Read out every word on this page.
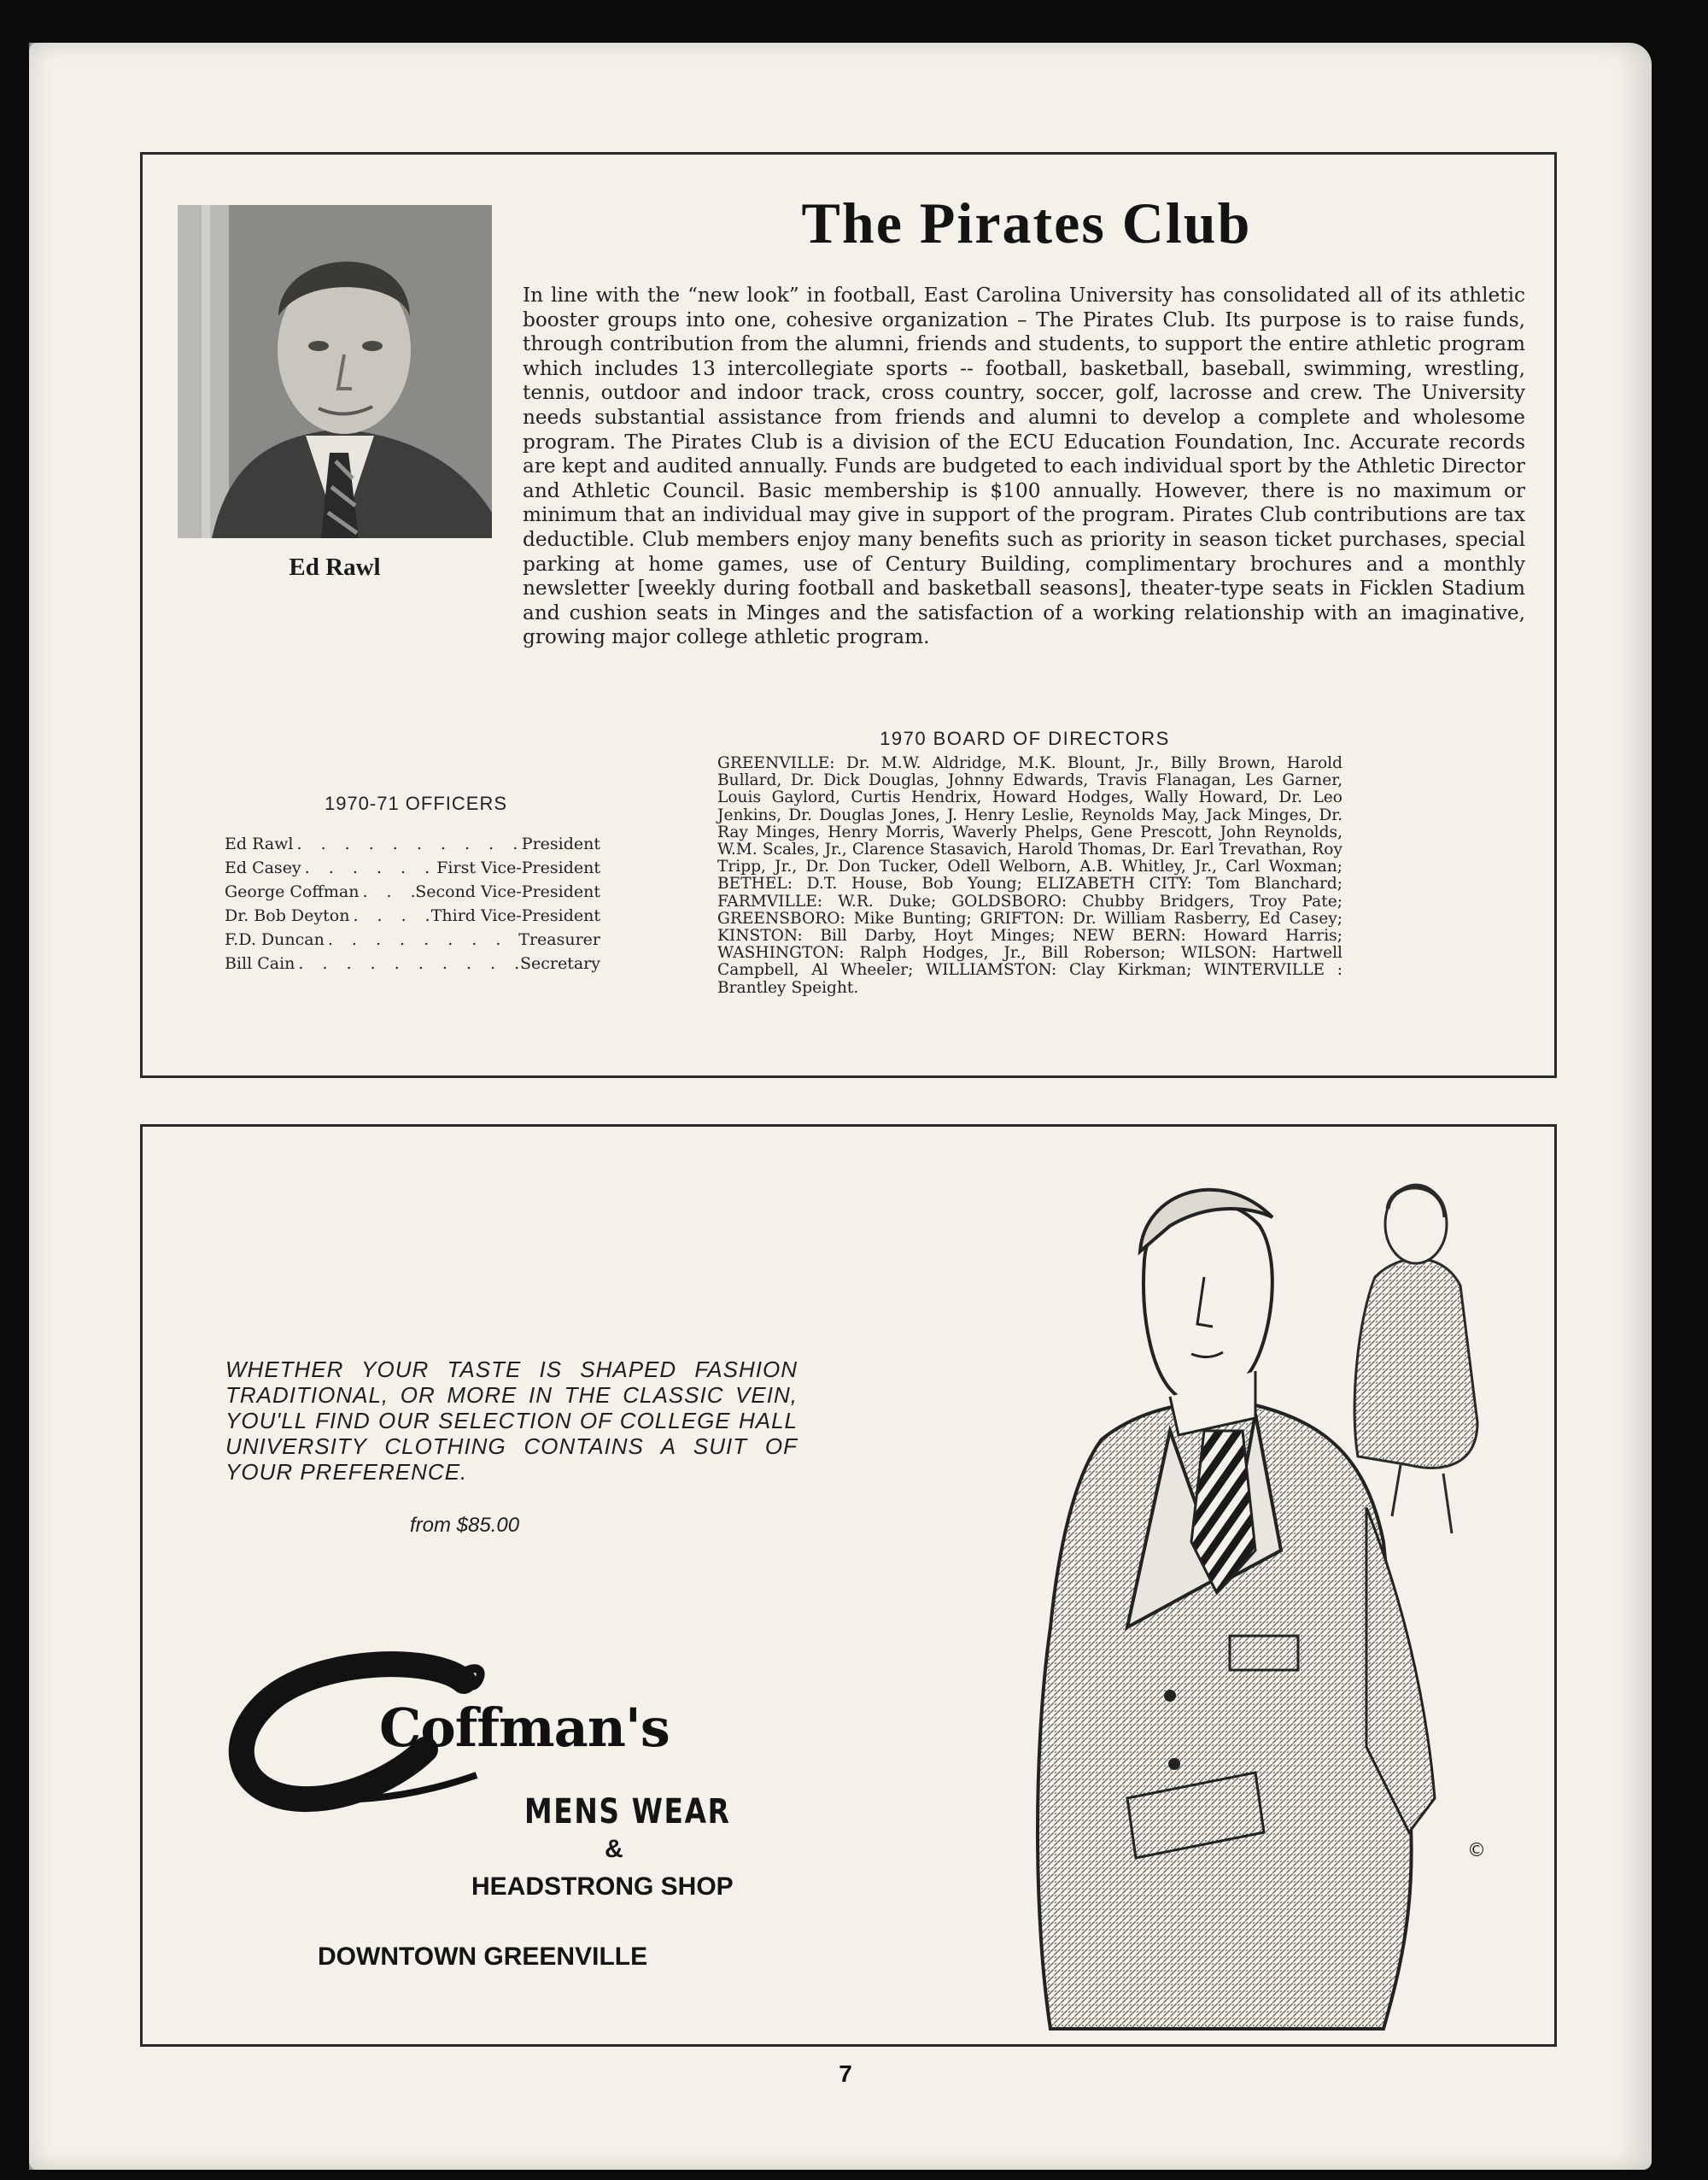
Ed Rawl
The Pirates Club
In line with the “new look” in football, East Carolina University has consolidated all of its athletic booster groups into one, cohesive organization – The Pirates Club. Its purpose is to raise funds, through contribution from the alumni, friends and students, to support the entire athletic program which includes 13 intercollegiate sports -- football, basketball, baseball, swimming, wrestling, tennis, outdoor and indoor track, cross country, soccer, golf, lacrosse and crew. The University needs substantial assistance from friends and alumni to develop a complete and wholesome program. The Pirates Club is a division of the ECU Education Foundation, Inc. Accurate records are kept and audited annually. Funds are budgeted to each individual sport by the Athletic Director and Athletic Council. Basic membership is $100 annually. However, there is no maximum or minimum that an individual may give in support of the program. Pirates Club contributions are tax deductible. Club members enjoy many benefits such as priority in season ticket purchases, special parking at home games, use of Century Building, complimentary brochures and a monthly newsletter [weekly during football and basketball seasons], theater-type seats in Ficklen Stadium and cushion seats in Minges and the satisfaction of a working relationship with an imaginative, growing major college athletic program.
1970-71 OFFICERS
Ed Rawl . . .	President
Ed Casey . . .	First Vice-President
George Coffman . . .	Second Vice-President
Dr. Bob Deyton . . .	Third Vice-President
F.D. Duncan . . .	Treasurer
Bill Cain . . .	Secretary
1970 BOARD OF DIRECTORS
GREENVILLE: Dr. M.W. Aldridge, M.K. Blount, Jr., Billy Brown, Harold Bullard, Dr. Dick Douglas, Johnny Edwards, Travis Flanagan, Les Garner, Louis Gaylord, Curtis Hendrix, Howard Hodges, Wally Howard, Dr. Leo Jenkins, Dr. Douglas Jones, J. Henry Leslie, Reynolds May, Jack Minges, Dr. Ray Minges, Henry Morris, Waverly Phelps, Gene Prescott, John Reynolds, W.M. Scales, Jr., Clarence Stasavich, Harold Thomas, Dr. Earl Trevathan, Roy Tripp, Jr., Dr. Don Tucker, Odell Welborn, A.B. Whitley, Jr., Carl Woxman; BETHEL: D.T. House, Bob Young; ELIZABETH CITY: Tom Blanchard; FARMVILLE: W.R. Duke; GOLDSBORO: Chubby Bridgers, Troy Pate; GREENSBORO: Mike Bunting; GRIFTON: Dr. William Rasberry, Ed Casey; KINSTON: Bill Darby, Hoyt Minges; NEW BERN: Howard Harris; WASHINGTON: Ralph Hodges, Jr., Bill Roberson; WILSON: Hartwell Campbell, Al Wheeler; WILLIAMSTON: Clay Kirkman; WINTERVILLE : Brantley Speight.
WHETHER YOUR TASTE IS SHAPED FASHION TRADITIONAL, OR MORE IN THE CLASSIC VEIN, YOU'LL FIND OUR SELECTION OF COLLEGE HALL UNIVERSITY CLOTHING CONTAINS A SUIT OF YOUR PREFERENCE.
from $85.00
Coffman's
MENS WEAR
&
HEADSTRONG SHOP
DOWNTOWN GREENVILLE
©
7
